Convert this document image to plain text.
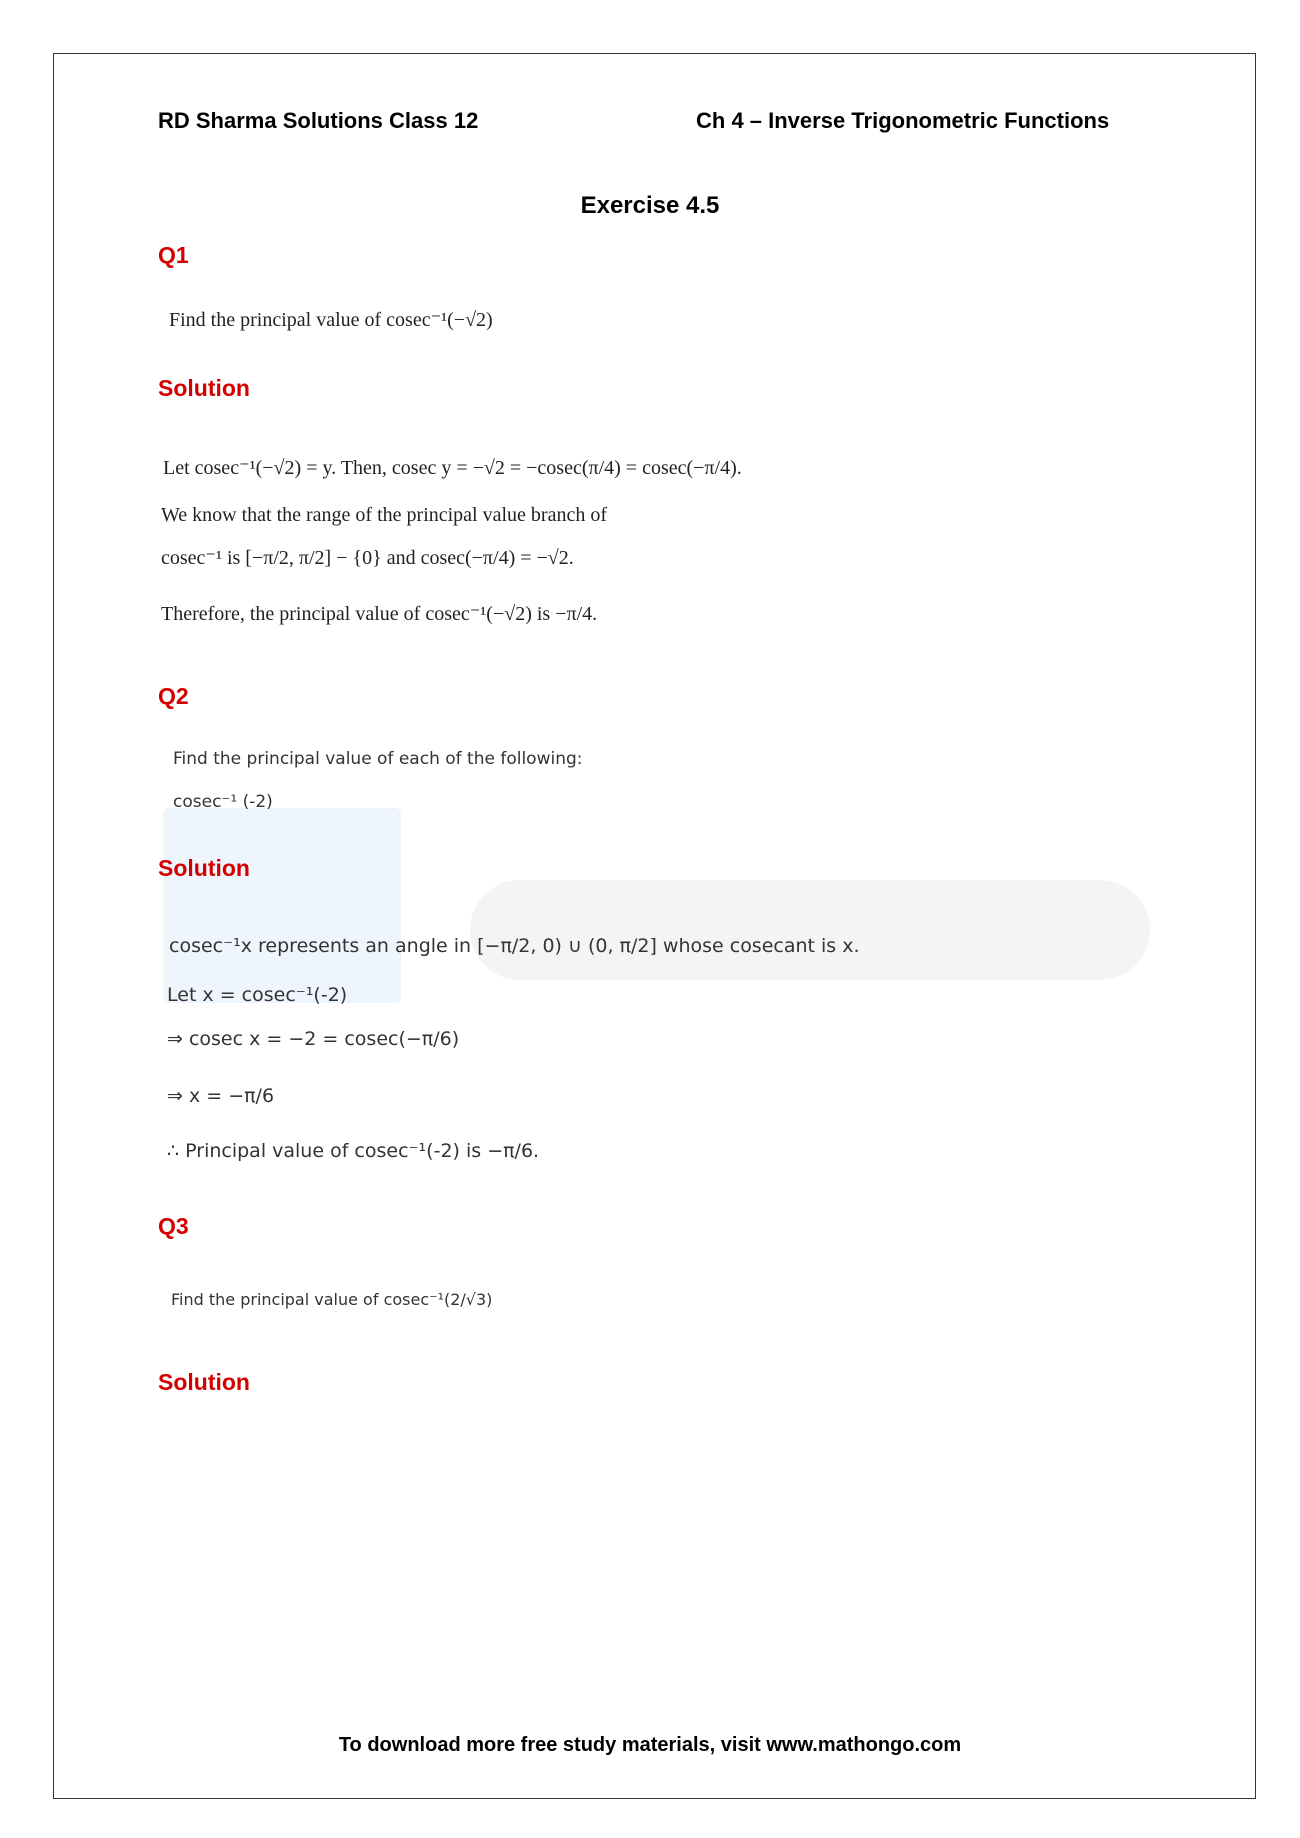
RD Sharma Solutions Class 12	Ch 4 – Inverse Trigonometric Functions
Exercise 4.5
Q1
Find the principal value of cosec⁻¹(−√2)
Solution
Let cosec⁻¹(−√2) = y. Then, cosec y = −√2 = −cosec(π/4) = cosec(−π/4).
We know that the range of the principal value branch of
cosec⁻¹ is [−π/2, π/2] − {0} and cosec(−π/4) = −√2.
Therefore, the principal value of cosec⁻¹(−√2) is −π/4.
Q2
Find the principal value of each of the following:
cosec⁻¹ (-2)
Solution
cosec⁻¹x represents an angle in [−π/2, 0) ∪ (0, π/2] whose cosecant is x.
Let x = cosec⁻¹(-2)
⇒ cosec x = −2 = cosec(−π/6)
⇒ x = −π/6
∴ Principal value of cosec⁻¹(-2) is −π/6.
Q3
Find the principal value of cosec⁻¹(2/√3)
Solution
To download more free study materials, visit www.mathongo.com
